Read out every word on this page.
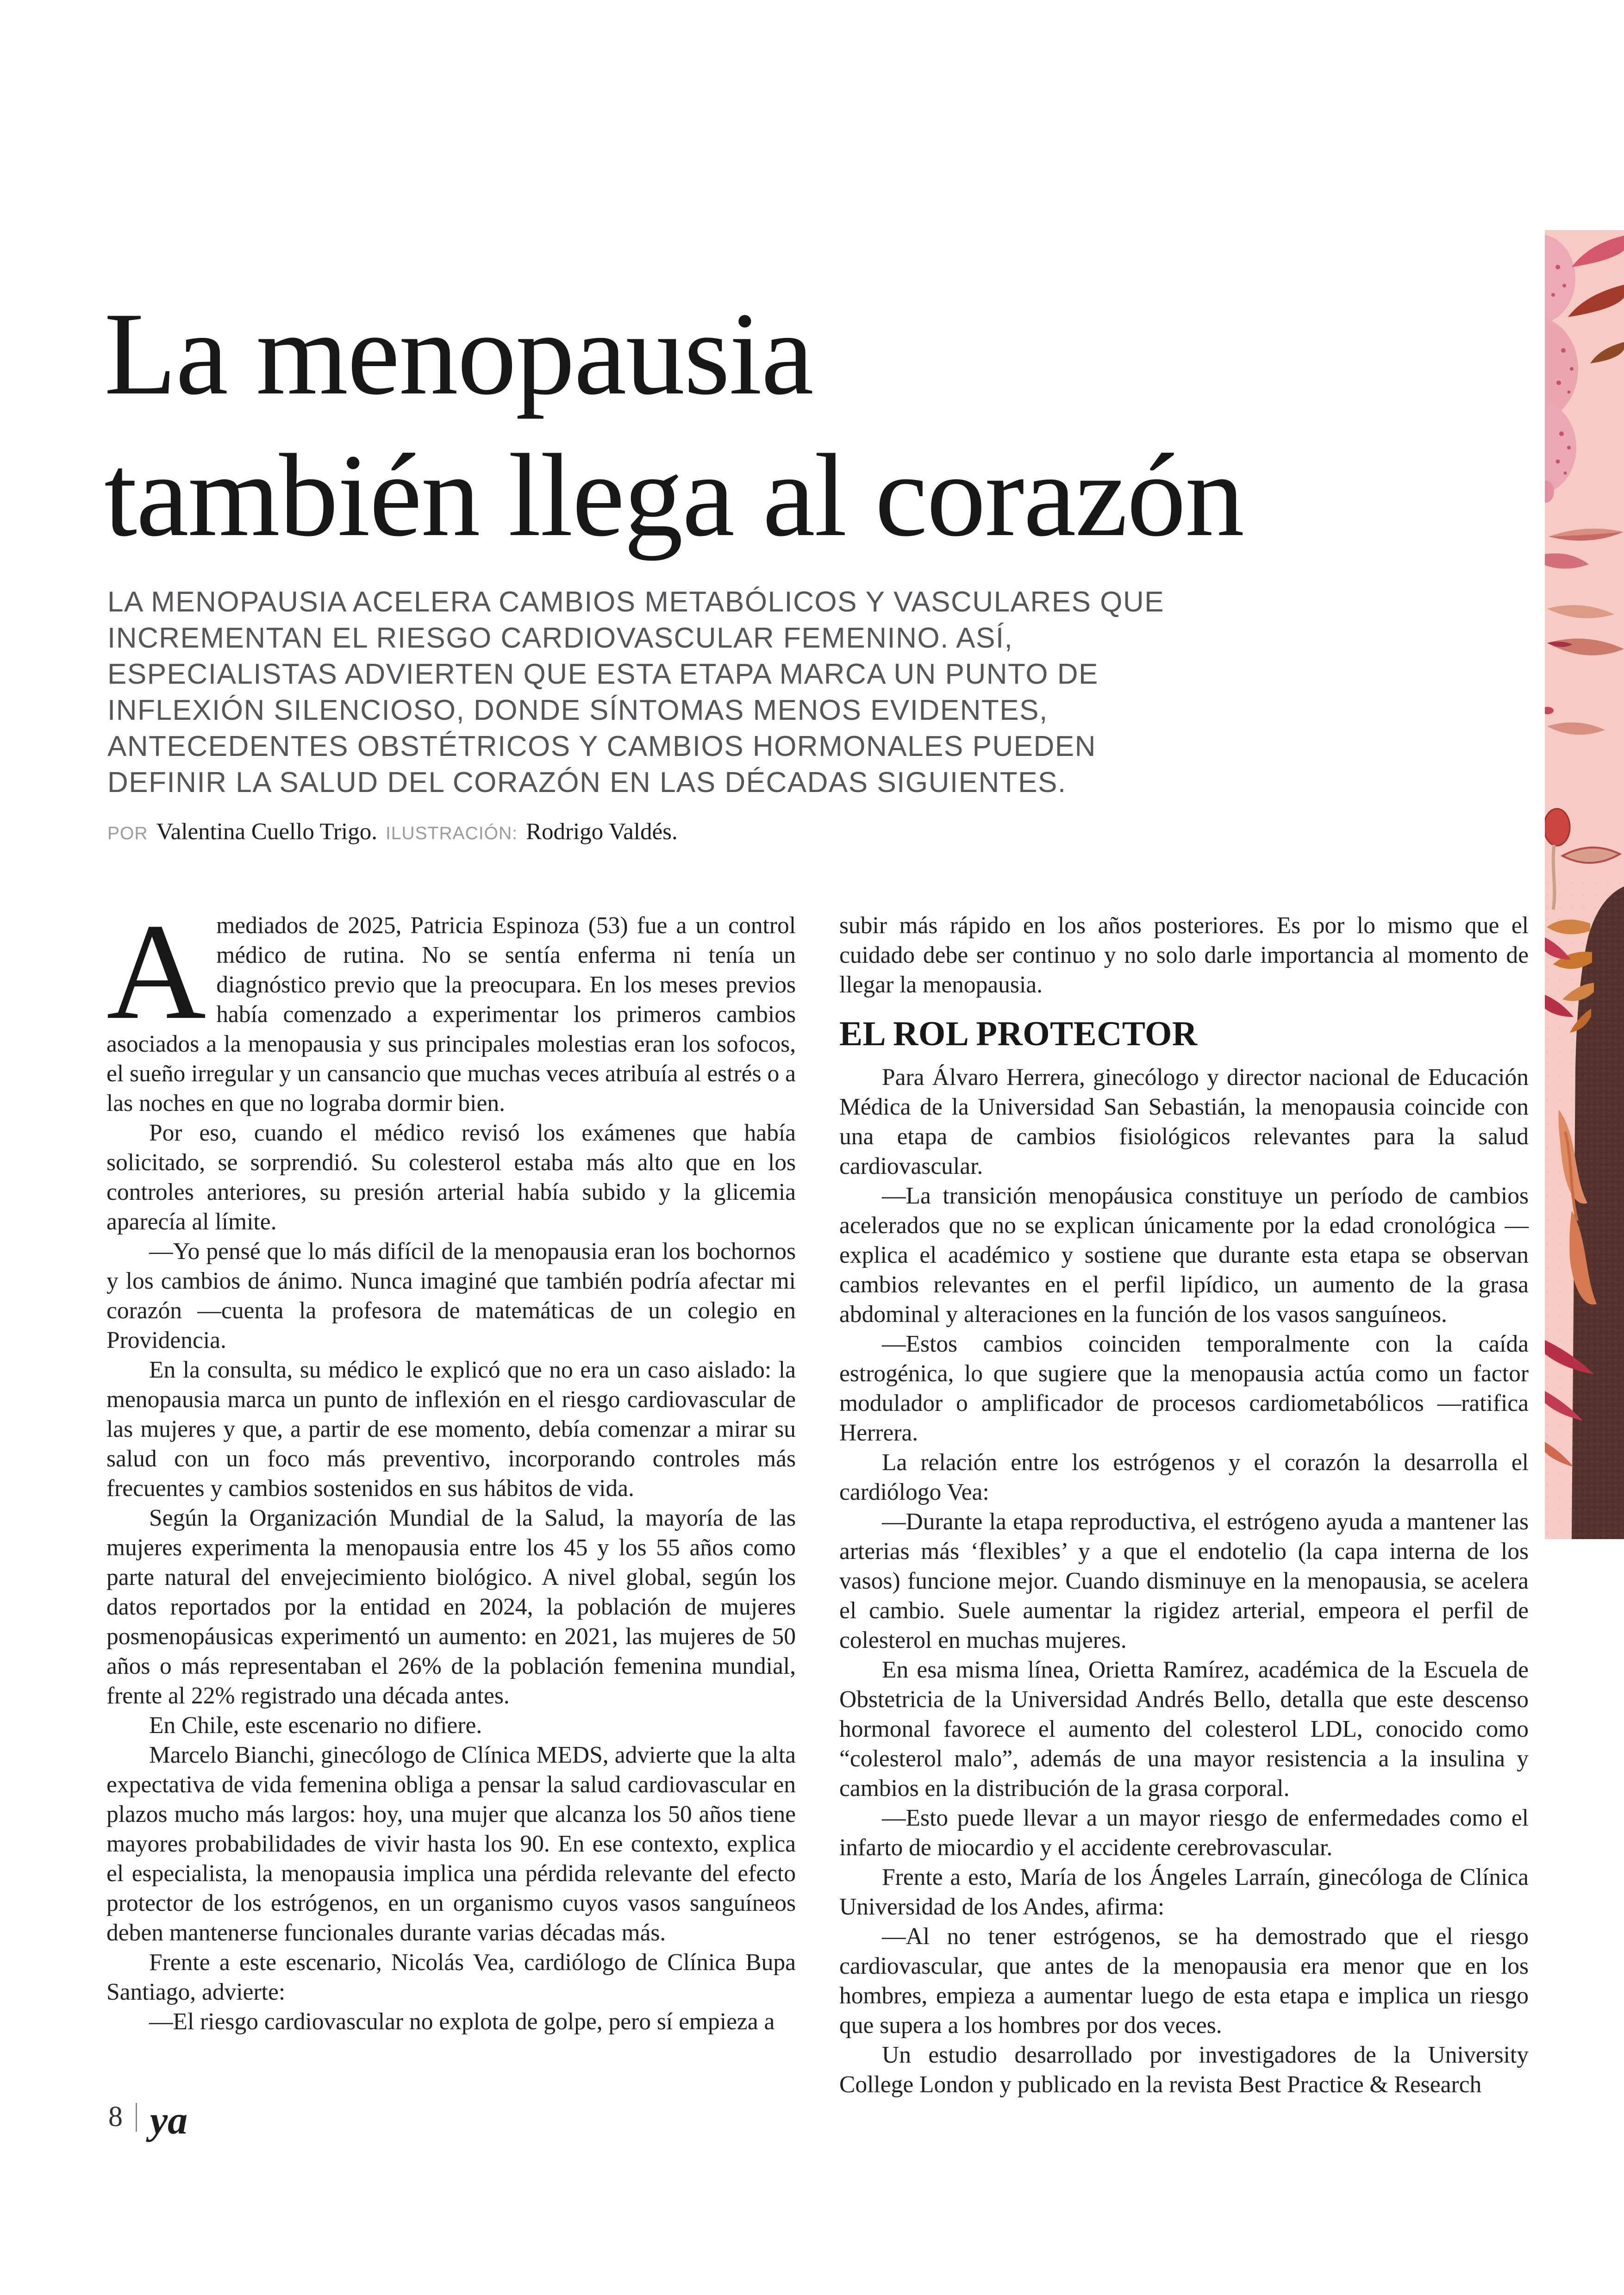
La menopausia
también llega al corazón
LA MENOPAUSIA ACELERA CAMBIOS METABÓLICOS Y VASCULARES QUE
INCREMENTAN EL RIESGO CARDIOVASCULAR FEMENINO. ASÍ,
ESPECIALISTAS ADVIERTEN QUE ESTA ETAPA MARCA UN PUNTO DE
INFLEXIÓN SILENCIOSO, DONDE SÍNTOMAS MENOS EVIDENTES,
ANTECEDENTES OBSTÉTRICOS Y CAMBIOS HORMONALES PUEDEN
DEFINIR LA SALUD DEL CORAZÓN EN LAS DÉCADAS SIGUIENTES.
POR Valentina Cuello Trigo. ILUSTRACIÓN: Rodrigo Valdés.

Amediados de 2025, Patricia Espinoza (53) fue a un control médico de rutina. No se sentía enferma ni tenía un diagnóstico previo que la preocupara. En los meses previos había comenzado a experimentar los primeros cambios asociados a la menopausia y sus principales molestias eran los sofocos, el sueño irregular y un cansancio que muchas veces atribuía al estrés o a las noches en que no lograba dormir bien.

Por eso, cuando el médico revisó los exámenes que había solicitado, se sorprendió. Su colesterol estaba más alto que en los controles anteriores, su presión arterial había subido y la glicemia aparecía al límite.

—Yo pensé que lo más difícil de la menopausia eran los bochornos y los cambios de ánimo. Nunca imaginé que también podría afectar mi corazón —cuenta la profesora de matemáticas de un colegio en Providencia.

En la consulta, su médico le explicó que no era un caso aislado: la menopausia marca un punto de inflexión en el riesgo cardiovascular de las mujeres y que, a partir de ese momento, debía comenzar a mirar su salud con un foco más preventivo, incorporando controles más frecuentes y cambios sostenidos en sus hábitos de vida.

Según la Organización Mundial de la Salud, la mayoría de las mujeres experimenta la menopausia entre los 45 y los 55 años como parte natural del envejecimiento biológico. A nivel global, según los datos reportados por la entidad en 2024, la población de mujeres posmenopáusicas experimentó un aumento: en 2021, las mujeres de 50 años o más representaban el 26% de la población femenina mundial, frente al 22% registrado una década antes.

En Chile, este escenario no difiere.

Marcelo Bianchi, ginecólogo de Clínica MEDS, advierte que la alta expectativa de vida femenina obliga a pensar la salud cardiovascular en plazos mucho más largos: hoy, una mujer que alcanza los 50 años tiene mayores probabilidades de vivir hasta los 90. En ese contexto, explica el especialista, la menopausia implica una pérdida relevante del efecto protector de los estrógenos, en un organismo cuyos vasos sanguíneos deben mantenerse funcionales durante varias décadas más.

Frente a este escenario, Nicolás Vea, cardiólogo de Clínica Bupa Santiago, advierte:

—El riesgo cardiovascular no explota de golpe, pero sí empieza a

subir más rápido en los años posteriores. Es por lo mismo que el cuidado debe ser continuo y no solo darle importancia al momento de llegar la menopausia.

EL ROL PROTECTOR

Para Álvaro Herrera, ginecólogo y director nacional de Educación Médica de la Universidad San Sebastián, la menopausia coincide con una etapa de cambios fisiológicos relevantes para la salud cardiovascular.

—La transición menopáusica constituye un período de cambios acelerados que no se explican únicamente por la edad cronológica —explica el académico y sostiene que durante esta etapa se observan cambios relevantes en el perfil lipídico, un aumento de la grasa abdominal y alteraciones en la función de los vasos sanguíneos.

—Estos cambios coinciden temporalmente con la caída estrogénica, lo que sugiere que la menopausia actúa como un factor modulador o amplificador de procesos cardiometabólicos —ratifica Herrera.

La relación entre los estrógenos y el corazón la desarrolla el cardiólogo Vea:

—Durante la etapa reproductiva, el estrógeno ayuda a mantener las arterias más ‘flexibles’ y a que el endotelio (la capa interna de los vasos) funcione mejor. Cuando disminuye en la menopausia, se acelera el cambio. Suele aumentar la rigidez arterial, empeora el perfil de colesterol en muchas mujeres.

En esa misma línea, Orietta Ramírez, académica de la Escuela de Obstetricia de la Universidad Andrés Bello, detalla que este descenso hormonal favorece el aumento del colesterol LDL, conocido como “colesterol malo”, además de una mayor resistencia a la insulina y cambios en la distribución de la grasa corporal.

—Esto puede llevar a un mayor riesgo de enfermedades como el infarto de miocardio y el accidente cerebrovascular.

Frente a esto, María de los Ángeles Larraín, ginecóloga de Clínica Universidad de los Andes, afirma:

—Al no tener estrógenos, se ha demostrado que el riesgo cardiovascular, que antes de la menopausia era menor que en los hombres, empieza a aumentar luego de esta etapa e implica un riesgo que supera a los hombres por dos veces.

Un estudio desarrollado por investigadores de la University College London y publicado en la revista Best Practice & Research

8 ya
